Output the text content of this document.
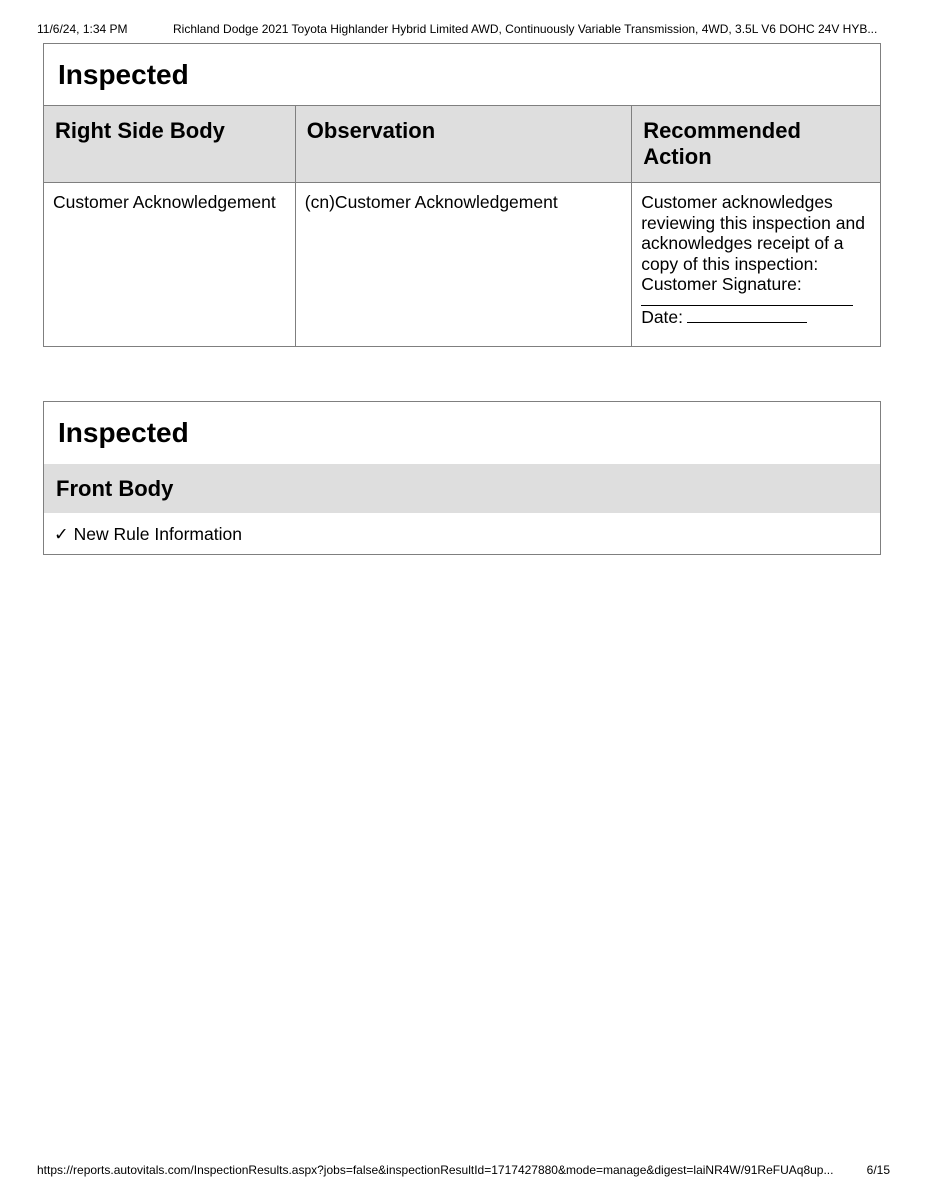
11/6/24, 1:34 PM	Richland Dodge 2021 Toyota Highlander Hybrid Limited AWD, Continuously Variable Transmission, 4WD, 3.5L V6 DOHC 24V HYB...
Inspected
Right Side Body	Observation	Recommended Action
Customer Acknowledgement	(cn)Customer Acknowledgement	Customer acknowledges reviewing this inspection and acknowledges receipt of a copy of this inspection: Customer Signature:
Date:
Inspected
Front Body
✓ New Rule Information
https://reports.autovitals.com/InspectionResults.aspx?jobs=false&inspectionResultId=1717427880&mode=manage&digest=laiNR4W/91ReFUAq8up...	6/15
